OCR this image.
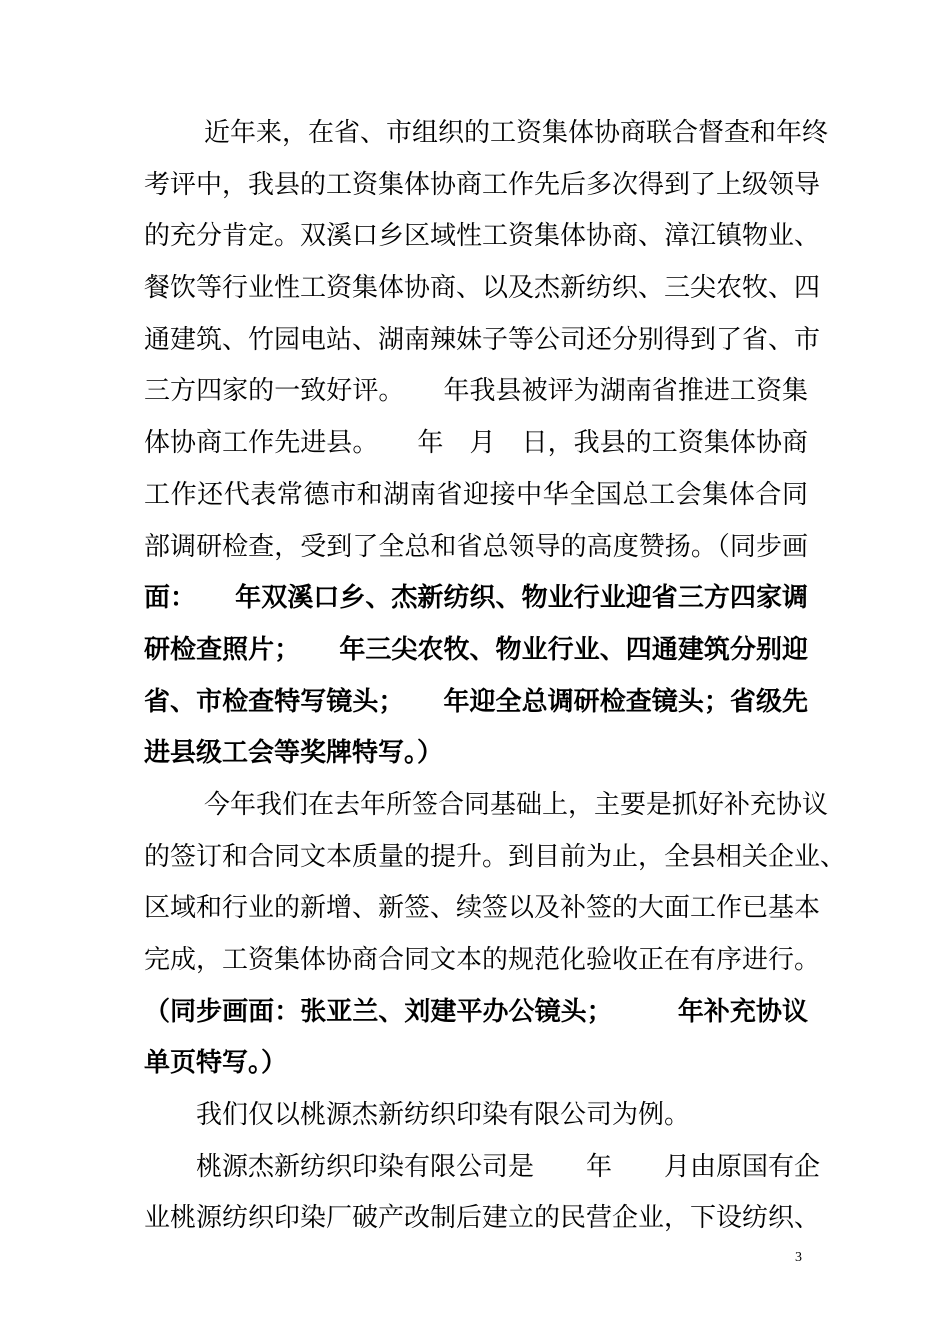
近年来，在省、市组织的工资集体协商联合督查和年终
考评中，我县的工资集体协商工作先后多次得到了上级领导
的充分肯定。双溪口乡区域性工资集体协商、漳江镇物业、
餐饮等行业性工资集体协商、以及杰新纺织、三尖农牧、四
通建筑、竹园电站、湖南辣妹子等公司还分别得到了省、市
三方四家的一致好评。　　年我县被评为湖南省推进工资集
体协商工作先进县。　　年　月　日，我县的工资集体协商
工作还代表常德市和湖南省迎接中华全国总工会集体合同
部调研检查，受到了全总和省总领导的高度赞扬。（同步画
面：　　年双溪口乡、杰新纺织、物业行业迎省三方四家调
研检查照片；　　年三尖农牧、物业行业、四通建筑分别迎
省、市检查特写镜头；　　年迎全总调研检查镜头；省级先
进县级工会等奖牌特写。）
今年我们在去年所签合同基础上，主要是抓好补充协议
的签订和合同文本质量的提升。到目前为止，全县相关企业、
区域和行业的新增、新签、续签以及补签的大面工作已基本
完成，工资集体协商合同文本的规范化验收正在有序进行。
（同步画面：张亚兰、刘建平办公镜头；　　　年补充协议
单页特写。）
我们仅以桃源杰新纺织印染有限公司为例。
桃源杰新纺织印染有限公司是　　年　　月由原国有企
业桃源纺织印染厂破产改制后建立的民营企业，下设纺织、
3
